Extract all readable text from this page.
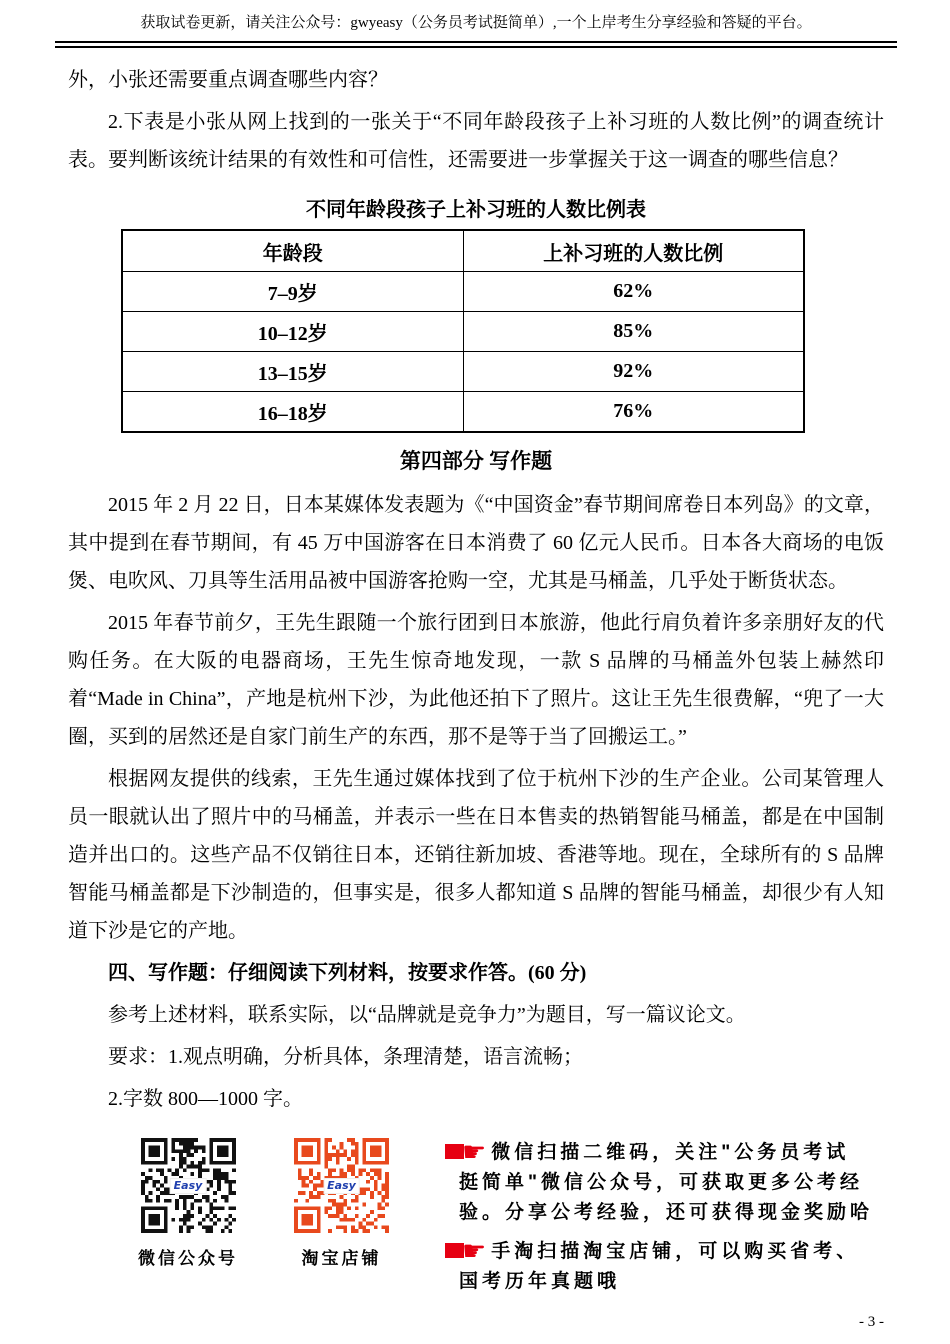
获取试卷更新，请关注公众号：gwyeasy（公务员考试挺简单）,一个上岸考生分享经验和答疑的平台。

外，小张还需要重点调查哪些内容？

2.下表是小张从网上找到的一张关于“不同年龄段孩子上补习班的人数比例”的调查统计表。要判断该统计结果的有效性和可信性，还需要进一步掌握关于这一调查的哪些信息？

不同年龄段孩子上补习班的人数比例表
年龄段	上补习班的人数比例
7–9岁	62%
10–12岁	85%
13–15岁	92%
16–18岁	76%
第四部分 写作题

2015 年 2 月 22 日，日本某媒体发表题为《“中国资金”春节期间席卷日本列岛》的文章，其中提到在春节期间，有 45 万中国游客在日本消费了 60 亿元人民币。日本各大商场的电饭煲、电吹风、刀具等生活用品被中国游客抢购一空，尤其是马桶盖，几乎处于断货状态。

2015 年春节前夕，王先生跟随一个旅行团到日本旅游，他此行肩负着许多亲朋好友的代购任务。在大阪的电器商场，王先生惊奇地发现，一款 S 品牌的马桶盖外包装上赫然印着“Made in China”，产地是杭州下沙，为此他还拍下了照片。这让王先生很费解，“兜了一大圈，买到的居然还是自家门前生产的东西，那不是等于当了回搬运工。”

根据网友提供的线索，王先生通过媒体找到了位于杭州下沙的生产企业。公司某管理人员一眼就认出了照片中的马桶盖，并表示一些在日本售卖的热销智能马桶盖，都是在中国制造并出口的。这些产品不仅销往日本，还销往新加坡、香港等地。现在，全球所有的 S 品牌智能马桶盖都是下沙制造的，但事实是，很多人都知道 S 品牌的智能马桶盖，却很少有人知道下沙是它的产地。

四、写作题：仔细阅读下列材料，按要求作答。(60 分)

参考上述材料，联系实际，以“品牌就是竞争力”为题目，写一篇议论文。

要求：1.观点明确，分析具体，条理清楚，语言流畅；

2.字数 800—1000 字。

Easy
微信公众号
Easy
淘宝店铺
☛ 微信扫描二维码，关注"公务员考试
挺简单"微信公众号，可获取更多公考经
验。分享公考经验，还可获得现金奖励哈
☛ 手淘扫描淘宝店铺，可以购买省考、
国考历年真题哦
- 3 -
